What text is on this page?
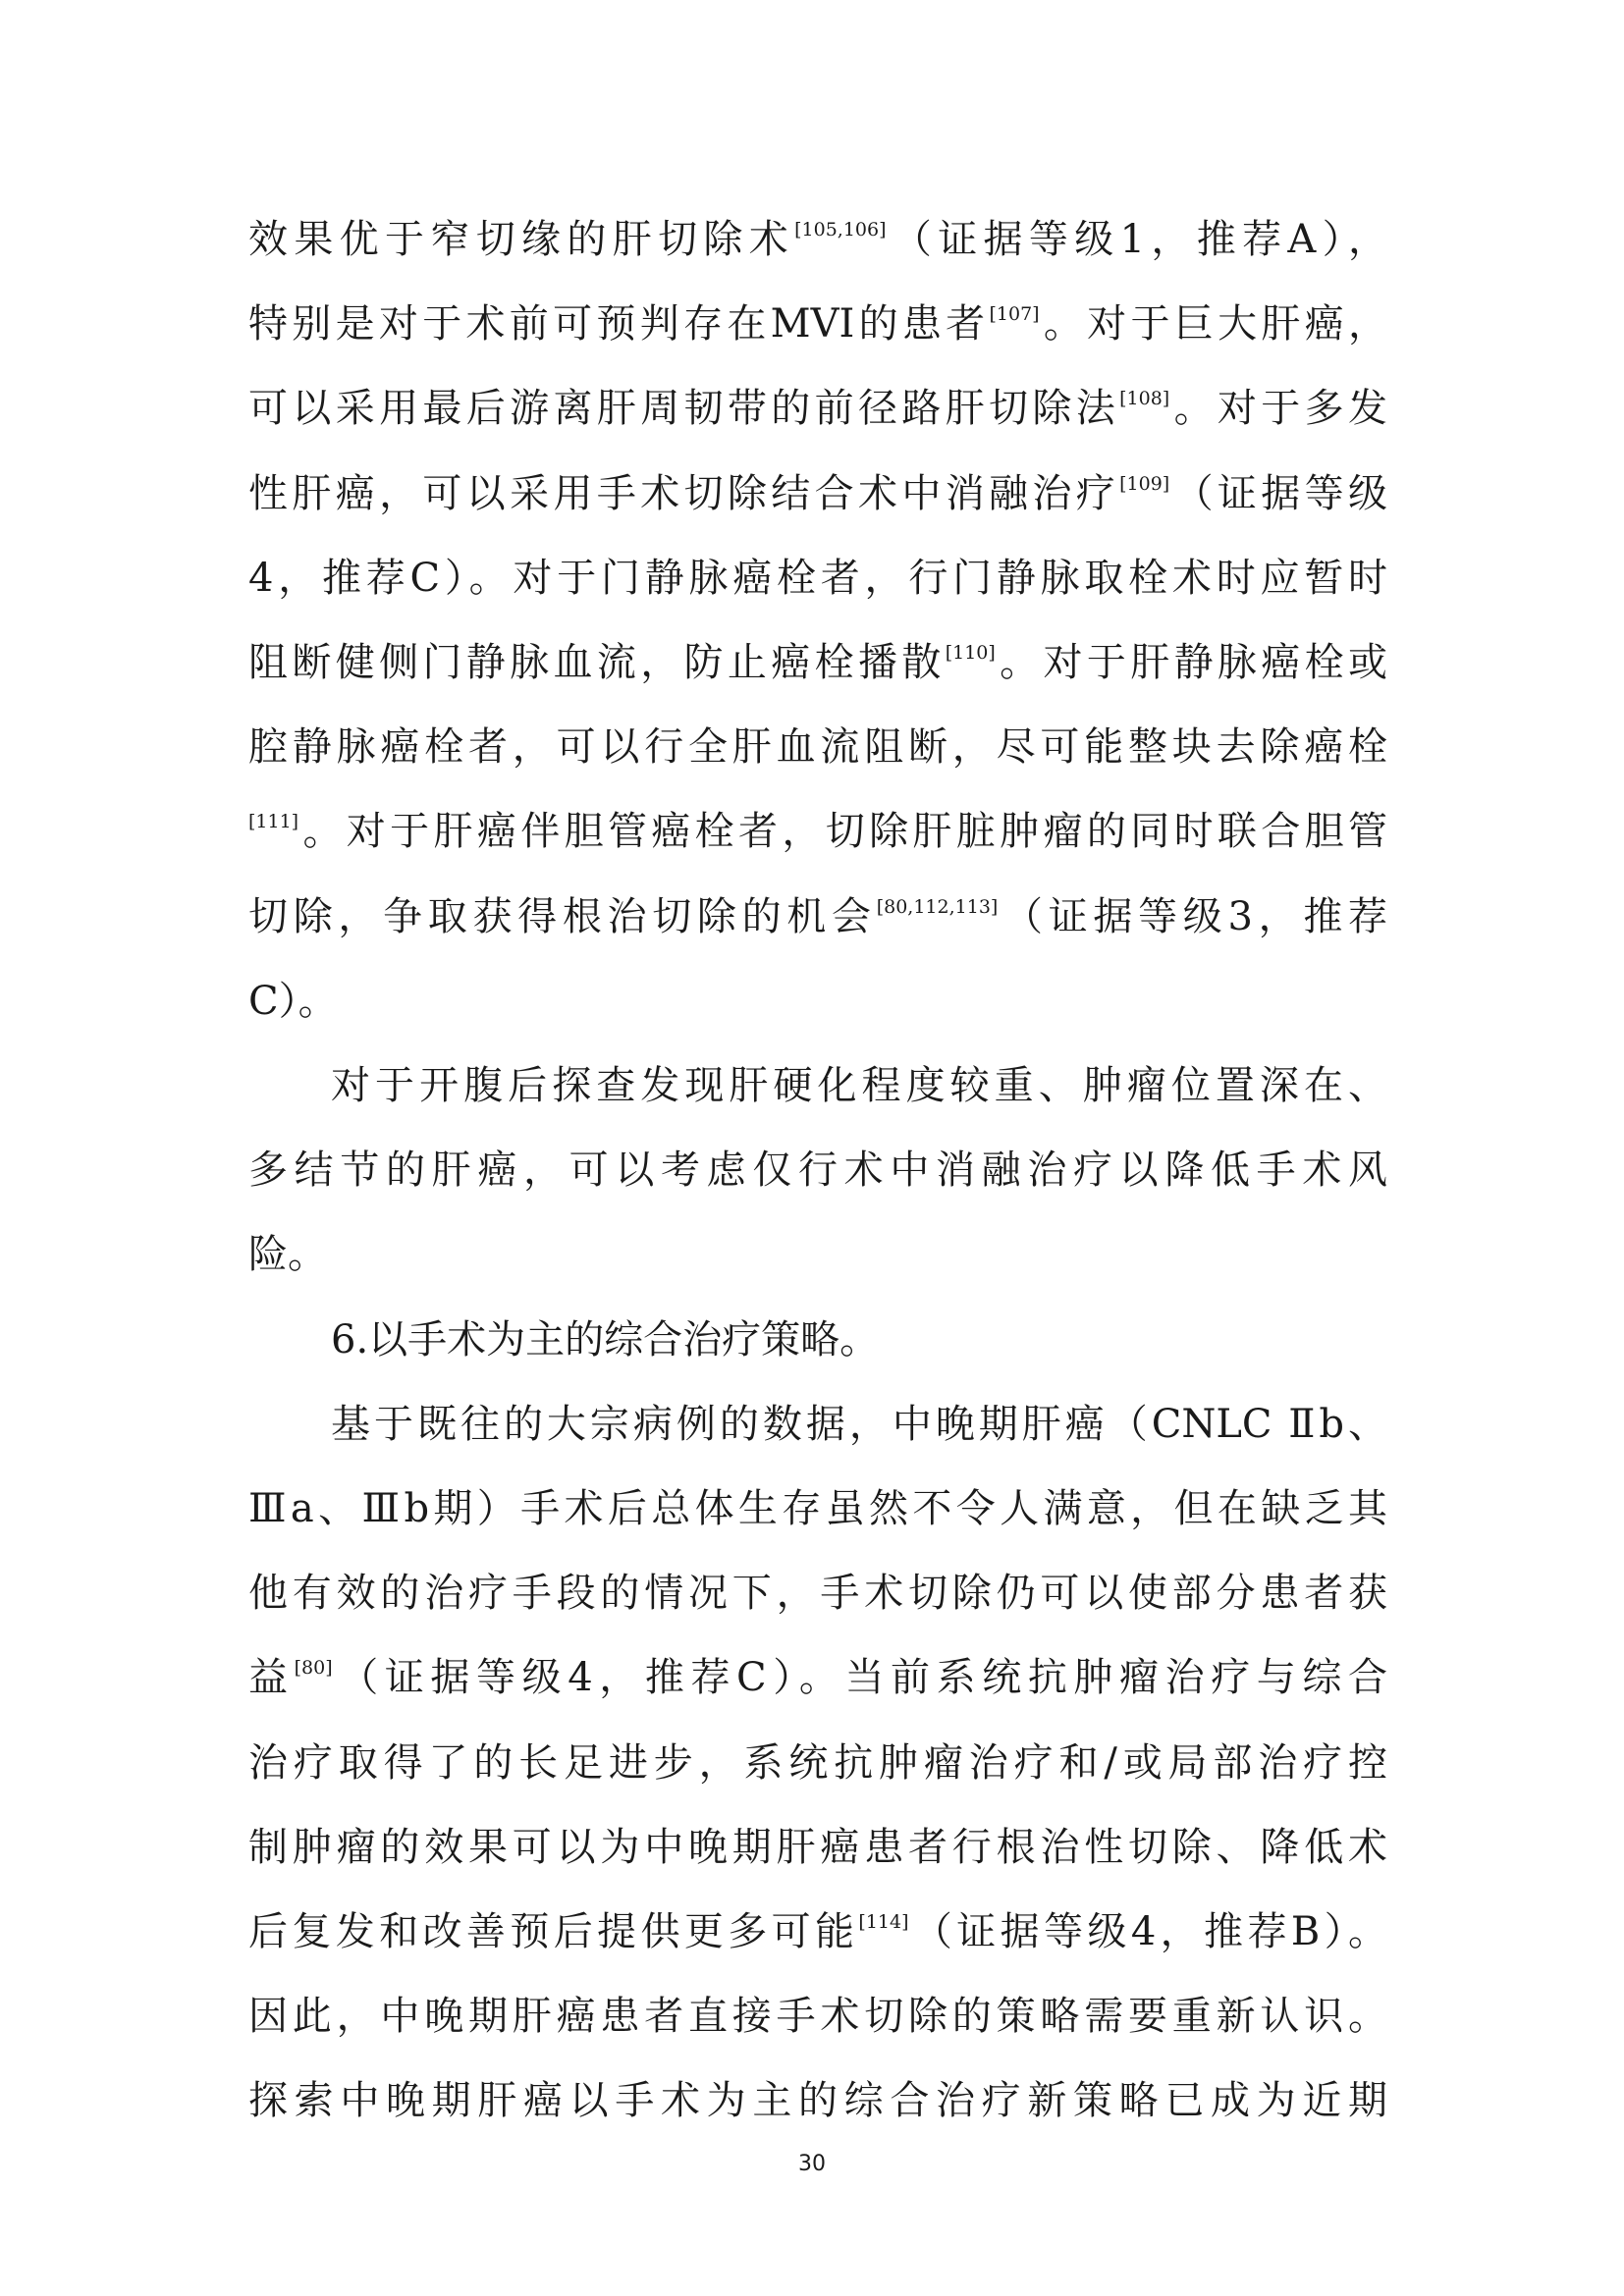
效果优于窄切缘的肝切除术[105,106]（证据等级1，推荐A），
特别是对于术前可预判存在MVI的患者[107]。对于巨大肝癌，
可以采用最后游离肝周韧带的前径路肝切除法[108]。对于多发
性肝癌，可以采用手术切除结合术中消融治疗[109]（证据等级
4，推荐C）。对于门静脉癌栓者，行门静脉取栓术时应暂时
阻断健侧门静脉血流，防止癌栓播散[110]。对于肝静脉癌栓或
腔静脉癌栓者，可以行全肝血流阻断，尽可能整块去除癌栓
[111]。对于肝癌伴胆管癌栓者，切除肝脏肿瘤的同时联合胆管
切除，争取获得根治切除的机会[80,112,113]（证据等级3，推荐
C）。
对于开腹后探查发现肝硬化程度较重、肿瘤位置深在、
多结节的肝癌，可以考虑仅行术中消融治疗以降低手术风
险。
6.以手术为主的综合治疗策略。
基于既往的大宗病例的数据，中晚期肝癌（CNLC Ⅱb、
Ⅲa、Ⅲb期）手术后总体生存虽然不令人满意，但在缺乏其
他有效的治疗手段的情况下，手术切除仍可以使部分患者获
益[80]（证据等级4，推荐C）。当前系统抗肿瘤治疗与综合
治疗取得了的长足进步，系统抗肿瘤治疗和/或局部治疗控
制肿瘤的效果可以为中晚期肝癌患者行根治性切除、降低术
后复发和改善预后提供更多可能[114]（证据等级4，推荐B）。
因此，中晚期肝癌患者直接手术切除的策略需要重新认识。
探索中晚期肝癌以手术为主的综合治疗新策略已成为近期
30
